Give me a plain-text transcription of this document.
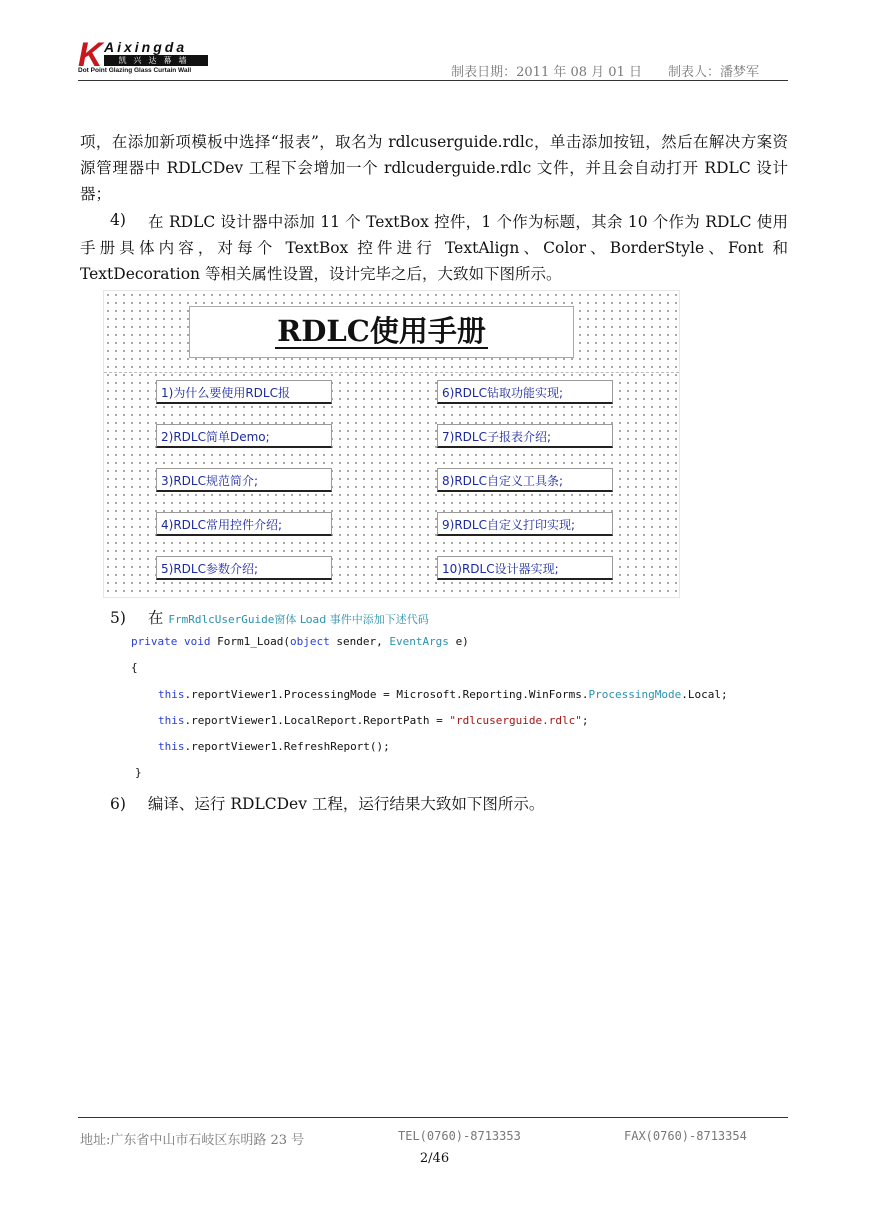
K Aixingda
凯兴达幕墙
Dot Point Glazing Glass Curtain Wall	制表日期：2011 年 08 月 01 日 制表人：潘梦军

项，在添加新项模板中选择“报表”，取名为 rdlcuserguide.rdlc，单击添加按钮，然后在解决方案资源管理器中 RDLCDev 工程下会增加一个 rdlcuderguide.rdlc 文件，并且会自动打开 RDLC 设计器；

4)	在 RDLC 设计器中添加 11 个 TextBox 控件，1 个作为标题，其余 10 个作为 RDLC 使用手册具体内容，对每个 TextBox 控件进行 TextAlign、Color、BorderStyle、Font 和 TextDecoration 等相关属性设置，设计完毕之后，大致如下图所示。

RDLC使用手册
1)为什么要使用RDLC报
2)RDLC简单Demo;
3)RDLC规范简介;
4)RDLC常用控件介绍;
5)RDLC参数介绍;
6)RDLC钻取功能实现;
7)RDLC子报表介绍;
8)RDLC自定义工具条;
9)RDLC自定义打印实现;
10)RDLC设计器实现;
5) 在 FrmRdlcUserGuide窗体 Load 事件中添加下述代码
private void Form1_Load(object sender, EventArgs e)
{
this.reportViewer1.ProcessingMode = Microsoft.Reporting.WinForms.ProcessingMode.Local;
this.reportViewer1.LocalReport.ReportPath = "rdlcuserguide.rdlc";
this.reportViewer1.RefreshReport();
}
6) 编译、运行 RDLCDev 工程，运行结果大致如下图所示。
地址:广东省中山市石岐区东明路 23 号	TEL(0760)-8713353	FAX(0760)-8713354
2/46
